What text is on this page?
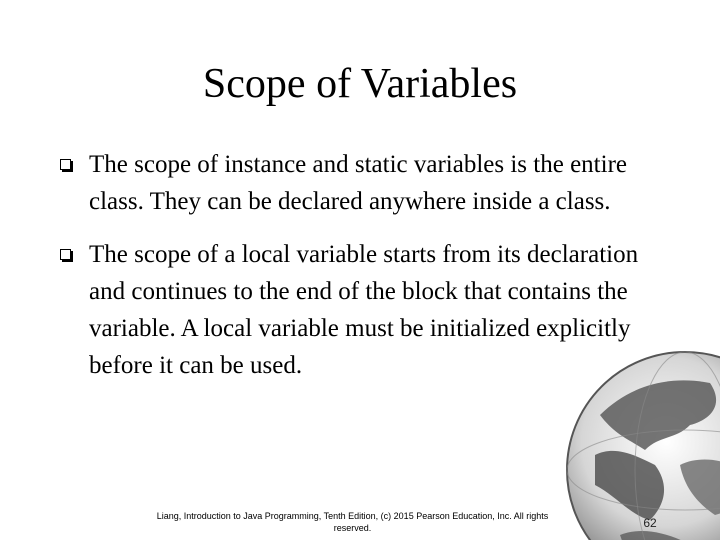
Scope of Variables
The scope of instance and static variables is the entire class. They can be declared anywhere inside a class.
The scope of a local variable starts from its declaration and continues to the end of the block that contains the variable. A local variable must be initialized explicitly before it can be used.
Liang, Introduction to Java Programming, Tenth Edition, (c) 2015 Pearson Education, Inc. All rights reserved.	62
